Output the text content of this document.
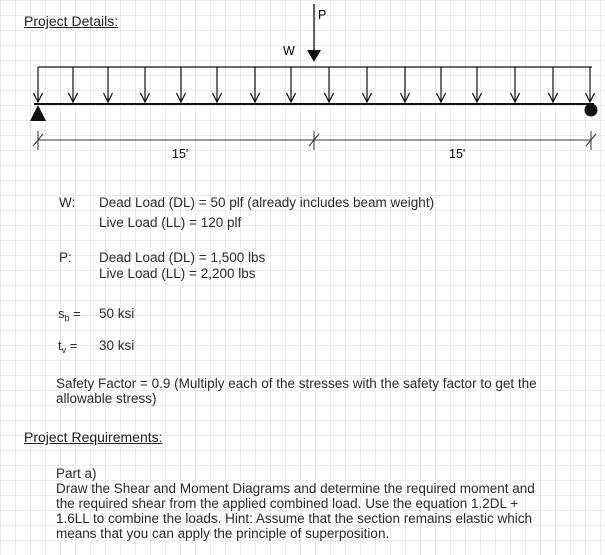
Project Details:	P
W
15'	15'
W: Dead Load (DL) = 50 plf (already includes beam weight)
Live Load (LL) = 120 plf
P: Dead Load (DL) = 1,500 lbs
Live Load (LL) = 2,200 lbs
$s_b = 50$ ksi
$t_v = 30$ ksi
Safety Factor = 0.9 (Multiply each of the stresses with the safety factor to get the
allowable stress)
Project Requirements:
Part a)
Draw the Shear and Moment Diagrams and determine the required moment and
the required shear from the applied combined load. Use the equation 1.2DL +
1.6LL to combine the loads. Hint: Assume that the section remains elastic which
means that you can apply the principle of superposition.
